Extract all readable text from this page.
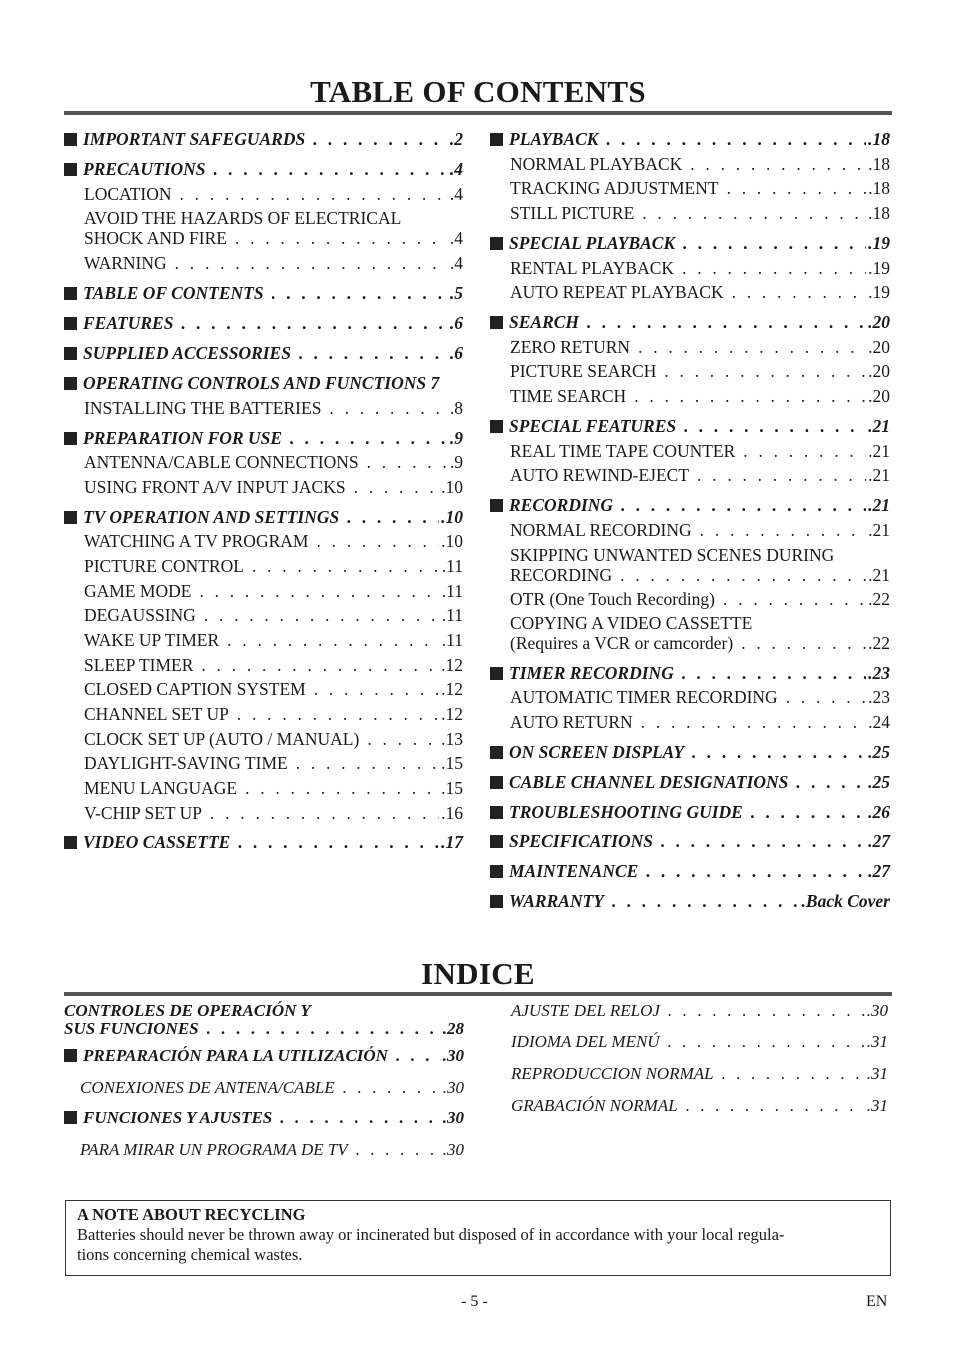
TABLE OF CONTENTS
IMPORTANT SAFEGUARDS . . .	.2
PRECAUTIONS . . .	.4
LOCATION . . .	.4
AVOID THE HAZARDS OF ELECTRICAL
SHOCK AND FIRE . . .	.4
WARNING . . .	.4
TABLE OF CONTENTS . . .	.5
FEATURES . . .	.6
SUPPLIED ACCESSORIES . . .	.6
OPERATING CONTROLS AND FUNCTIONS 7
INSTALLING THE BATTERIES . . .	.8
PREPARATION FOR USE . . .	.9
ANTENNA/CABLE CONNECTIONS . . .	.9
USING FRONT A/V INPUT JACKS . . .	.10
TV OPERATION AND SETTINGS . . .	.10
WATCHING A TV PROGRAM . . .	.10
PICTURE CONTROL . . .	.11
GAME MODE . . .	.11
DEGAUSSING . . .	.11
WAKE UP TIMER . . .	.11
SLEEP TIMER . . .	.12
CLOSED CAPTION SYSTEM . . .	.12
CHANNEL SET UP . . .	.12
CLOCK SET UP (AUTO / MANUAL) . . .	.13
DAYLIGHT-SAVING TIME . . .	.15
MENU LANGUAGE . . .	.15
V-CHIP SET UP . . .	.16
VIDEO CASSETTE . . .	.17
PLAYBACK . . .	.18
NORMAL PLAYBACK . . .	.18
TRACKING ADJUSTMENT . . .	.18
STILL PICTURE . . .	.18
SPECIAL PLAYBACK . . .	.19
RENTAL PLAYBACK . . .	.19
AUTO REPEAT PLAYBACK . . .	.19
SEARCH . . .	.20
ZERO RETURN . . .	.20
PICTURE SEARCH . . .	.20
TIME SEARCH . . .	.20
SPECIAL FEATURES . . .	.21
REAL TIME TAPE COUNTER . . .	.21
AUTO REWIND-EJECT . . .	.21
RECORDING . . .	.21
NORMAL RECORDING . . .	.21
SKIPPING UNWANTED SCENES DURING
RECORDING . . .	.21
OTR (One Touch Recording) . . .	.22
COPYING A VIDEO CASSETTE
(Requires a VCR or camcorder) . . .	.22
TIMER RECORDING . . .	.23
AUTOMATIC TIMER RECORDING . . .	.23
AUTO RETURN . . .	.24
ON SCREEN DISPLAY . . .	.25
CABLE CHANNEL DESIGNATIONS . . .	.25
TROUBLESHOOTING GUIDE . . .	.26
SPECIFICATIONS . . .	.27
MAINTENANCE . . .	.27
WARRANTY . . .	.Back Cover
INDICE
CONTROLES DE OPERACIÓN Y
SUS FUNCIONES . . .	.28
PREPARACIÓN PARA LA UTILIZACIÓN . . .	.30
CONEXIONES DE ANTENA/CABLE . . .	.30
FUNCIONES Y AJUSTES . . .	.30
PARA MIRAR UN PROGRAMA DE TV . . .	.30
AJUSTE DEL RELOJ . . .	.30
IDIOMA DEL MENÚ . . .	.31
REPRODUCCION NORMAL . . .	.31
GRABACIÓN NORMAL . . .	.31
A NOTE ABOUT RECYCLING
Batteries should never be thrown away or incinerated but disposed of in accordance with your local regula-
tions concerning chemical wastes.
- 5 -	EN
